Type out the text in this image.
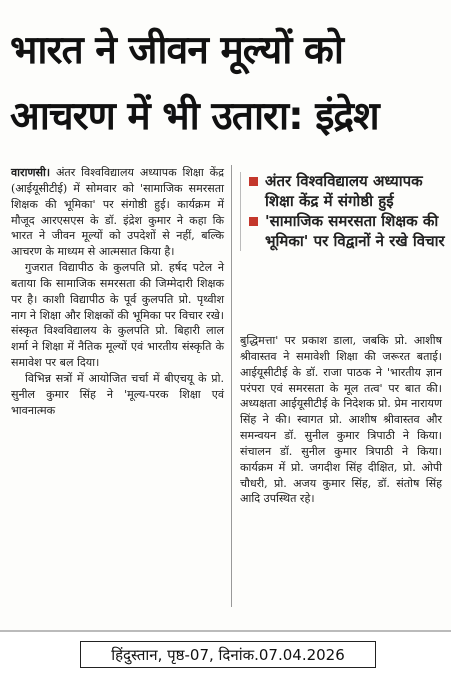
भारत ने जीवन मूल्यों को
आचरण में भी उतारा: इंद्रेश

वाराणसी। अंतर विश्वविद्यालय अध्यापक शिक्षा केंद्र (आईयूसीटीई) में सोमवार को 'सामाजिक समरसता शिक्षक की भूमिका' पर संगोष्ठी हुई। कार्यक्रम में मौजूद आरएसएस के डॉ. इंद्रेश कुमार ने कहा कि भारत ने जीवन मूल्यों को उपदेशों से नहीं, बल्कि आचरण के माध्यम से आत्मसात किया है।

गुजरात विद्यापीठ के कुलपति प्रो. हर्षद पटेल ने बताया कि सामाजिक समरसता की जिम्मेदारी शिक्षक पर है। काशी विद्यापीठ के पूर्व कुलपति प्रो. पृथ्वीश नाग ने शिक्षा और शिक्षकों की भूमिका पर विचार रखे। संस्कृत विश्वविद्यालय के कुलपति प्रो. बिहारी लाल शर्मा ने शिक्षा में नैतिक मूल्यों एवं भारतीय संस्कृति के समावेश पर बल दिया।

विभिन्न सत्रों में आयोजित चर्चा में बीएचयू के प्रो. सुनील कुमार सिंह ने 'मूल्य-परक शिक्षा एवं भावनात्मक

अंतर विश्वविद्यालय अध्यापक शिक्षा केंद्र में संगोष्ठी हुई
'सामाजिक समरसता शिक्षक की भूमिका' पर विद्वानों ने रखे विचार

बुद्धिमत्ता' पर प्रकाश डाला, जबकि प्रो. आशीष श्रीवास्तव ने समावेशी शिक्षा की जरूरत बताई। आईयूसीटीई के डॉ. राजा पाठक ने 'भारतीय ज्ञान परंपरा एवं समरसता के मूल तत्व' पर बात की। अध्यक्षता आईयूसीटीई के निदेशक प्रो. प्रेम नारायण सिंह ने की। स्वागत प्रो. आशीष श्रीवास्तव और समन्वयन डॉ. सुनील कुमार त्रिपाठी ने किया। संचालन डॉ. सुनील कुमार त्रिपाठी ने किया। कार्यक्रम में प्रो. जगदीश सिंह दीक्षित, प्रो. ओपी चौधरी, प्रो. अजय कुमार सिंह, डॉ. संतोष सिंह आदि उपस्थित रहे।

हिंदुस्तान, पृष्ठ-07, दिनांक.07.04.2026
